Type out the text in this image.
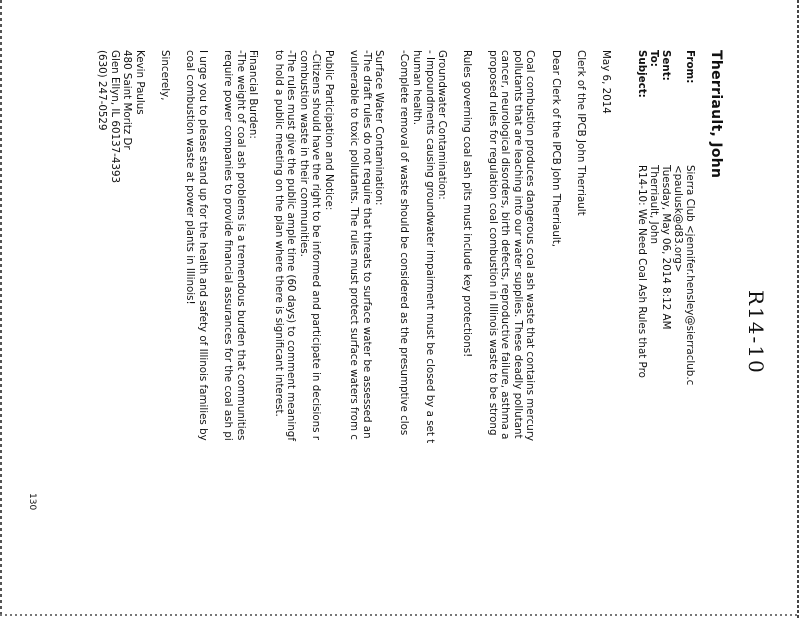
R14-10
Therriault, John
From:
Sierra Club <jennifer.hensley@sierraclub.c
<paulusk@d83.org>
Sent:
Tuesday, May 06, 2014 8:12 AM
To:
Therriault, John
Subject:
R14-10: We Need Coal Ash Rules that Pro
May 6, 2014
Clerk of the IPCB John Therriault
Dear Clerk of the IPCB John Therriault,
Coal combustion produces dangerous coal ash waste that contains mercury
pollutants that are leaching into our water supplies. These deadly pollutant
cancer, neurological disorders, birth defects, reproductive failure, asthma a
proposed rules for regulation coal combustion in Illinois waste to be strong
Rules governing coal ash pits must include key protections!
Groundwater Contamination:
- Impoundments causing groundwater impairment must be closed by a set t
human health.
-Complete removal of waste should be considered as the presumptive clos
Surface Water Contamination:
-The draft rules do not require that threats to surface water be assessed an
vulnerable to toxic pollutants. The rules must protect surface waters from c
Public Participation and Notice:
-Citizens should have the right to be informed and participate in decisions r
combustion waste in their communities.
-The rules must give the public ample time (60 days) to comment meaningf
to hold a public meeting on the plan where there is significant interest.
Financial Burden:
-The weight of coal ash problems is a tremendous burden that communities
require power companies to provide financial assurances for the coal ash pi
I urge you to please stand up for the health and safety of Illinois families by
coal combustion waste at power plants in Illinois!
Sincerely,
Kevin Paulus
480 Saint Moritz Dr
Glen Ellyn, IL 60137-4393
(630) 247-0529
130
